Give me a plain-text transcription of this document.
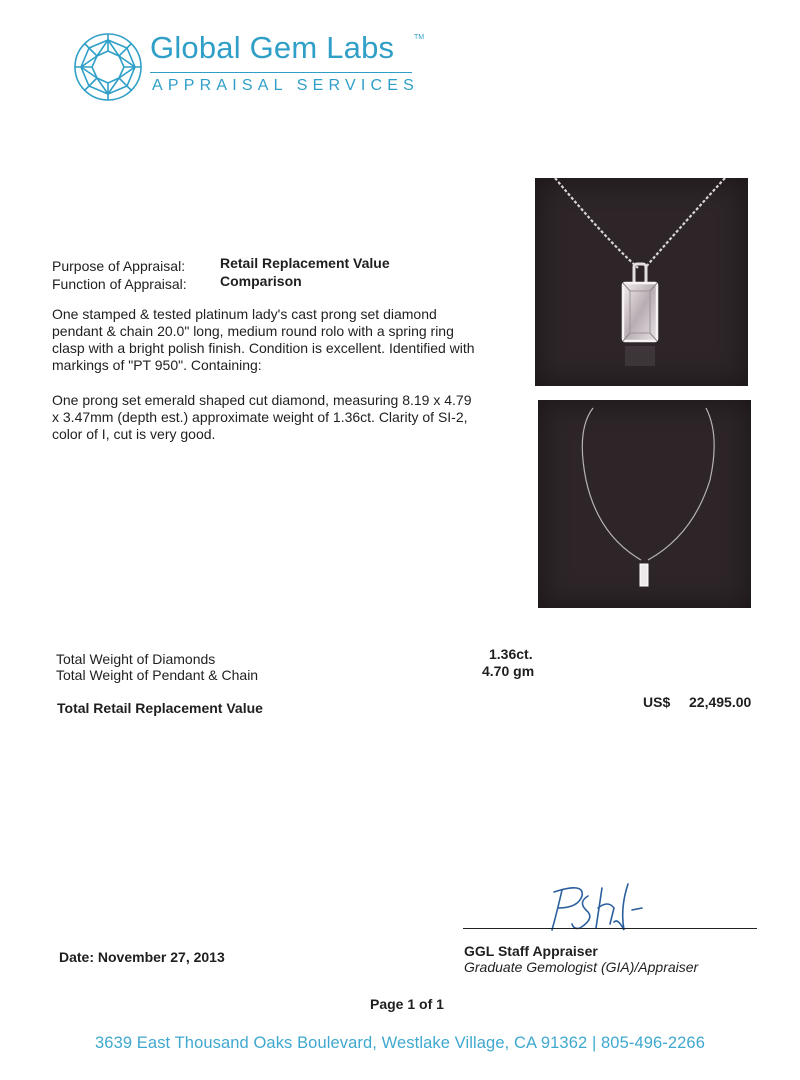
Global Gem Labs	TM
APPRAISAL SERVICES
Purpose of Appraisal: Retail Replacement Value
Function of Appraisal: Comparison
One stamped & tested platinum lady's cast prong set diamond pendant & chain 20.0" long, medium round rolo with a spring ring clasp with a bright polish finish. Condition is excellent. Identified with markings of "PT 950". Containing:
One prong set emerald shaped cut diamond, measuring 8.19 x 4.79 x 3.47mm (depth est.) approximate weight of 1.36ct. Clarity of SI-2, color of I, cut is very good.
Total Weight of Diamonds	1.36ct.
Total Weight of Pendant & Chain	4.70 gm
Total Retail Replacement Value	US$ 22,495.00
Date: November 27, 2013	GGL Staff Appraiser
Graduate Gemologist (GIA)/Appraiser
Page 1 of 1
3639 East Thousand Oaks Boulevard, Westlake Village, CA 91362 | 805-496-2266
